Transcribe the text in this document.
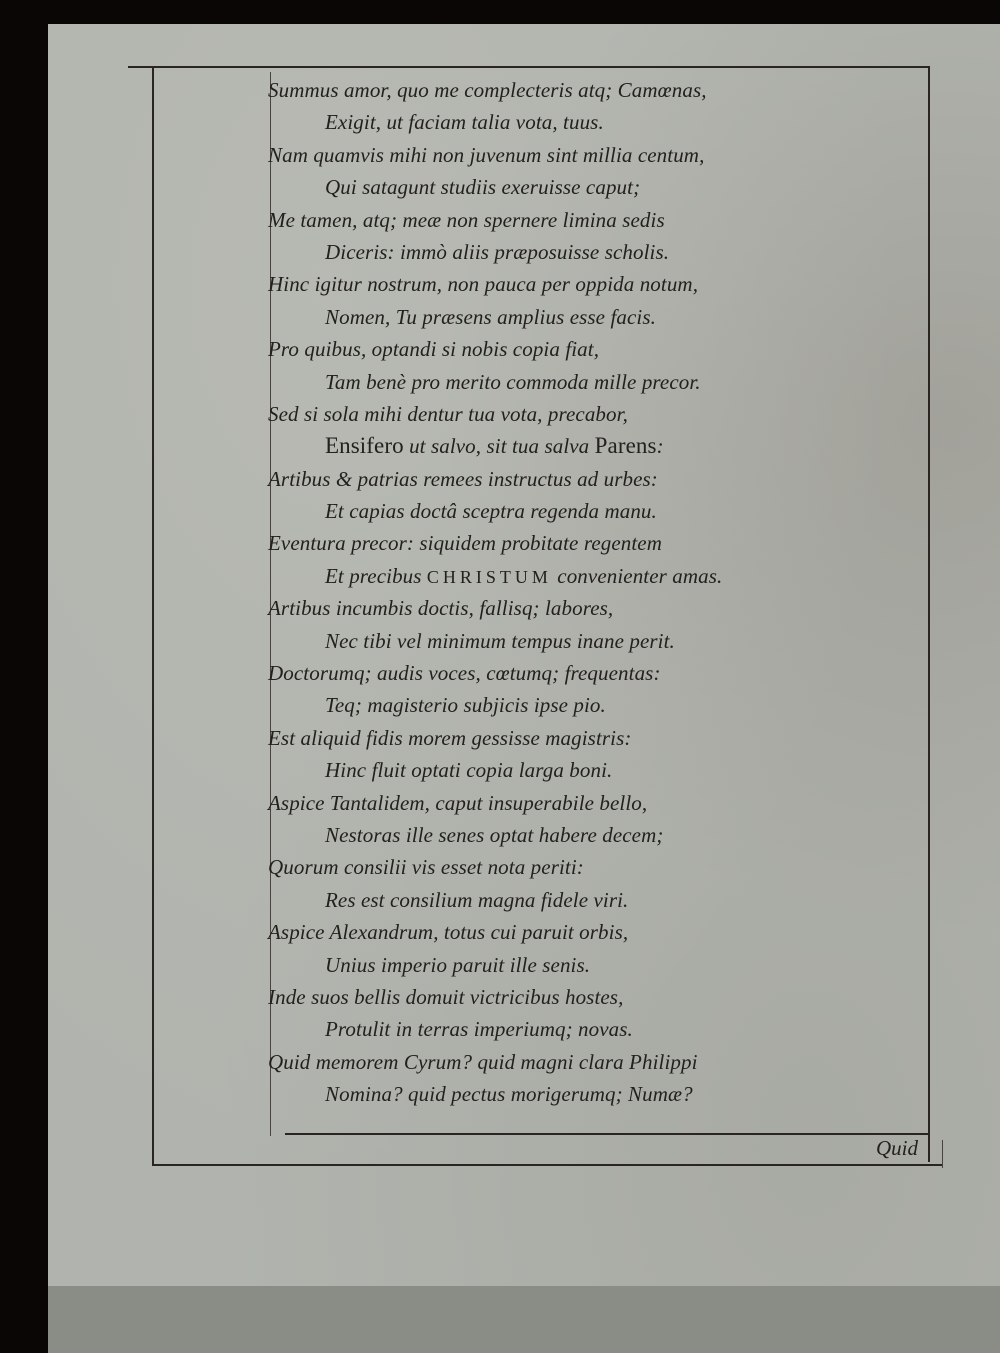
Summus amor, quo me complecteris atq; Camœnas,
Exigit, ut faciam talia vota, tuus.
Nam quamvis mihi non juvenum sint millia centum,
Qui satagunt studiis exeruisse caput;
Me tamen, atq; meæ non spernere limina sedis
Diceris: immò aliis præposuisse scholis.
Hinc igitur nostrum, non pauca per oppida notum,
Nomen, Tu præsens amplius esse facis.
Pro quibus, optandi si nobis copia fiat,
Tam benè pro merito commoda mille precor.
Sed si sola mihi dentur tua vota, precabor,
Ensifero ut salvo, sit tua salva Parens:
Artibus & patrias remees instructus ad urbes:
Et capias doctâ sceptra regenda manu.
Eventura precor: siquidem probitate regentem
Et precibus CHRISTUM convenienter amas.
Artibus incumbis doctis, fallisq; labores,
Nec tibi vel minimum tempus inane perit.
Doctorumq; audis voces, cœtumq; frequentas:
Teq; magisterio subjicis ipse pio.
Est aliquid fidis morem gessisse magistris:
Hinc fluit optati copia larga boni.
Aspice Tantalidem, caput insuperabile bello,
Nestoras ille senes optat habere decem;
Quorum consilii vis esset nota periti:
Res est consilium magna fidele viri.
Aspice Alexandrum, totus cui paruit orbis,
Unius imperio paruit ille senis.
Inde suos bellis domuit victricibus hostes,
Protulit in terras imperiumq; novas.
Quid memorem Cyrum? quid magni clara Philippi
Nomina? quid pectus morigerumq; Numæ?
Quid
